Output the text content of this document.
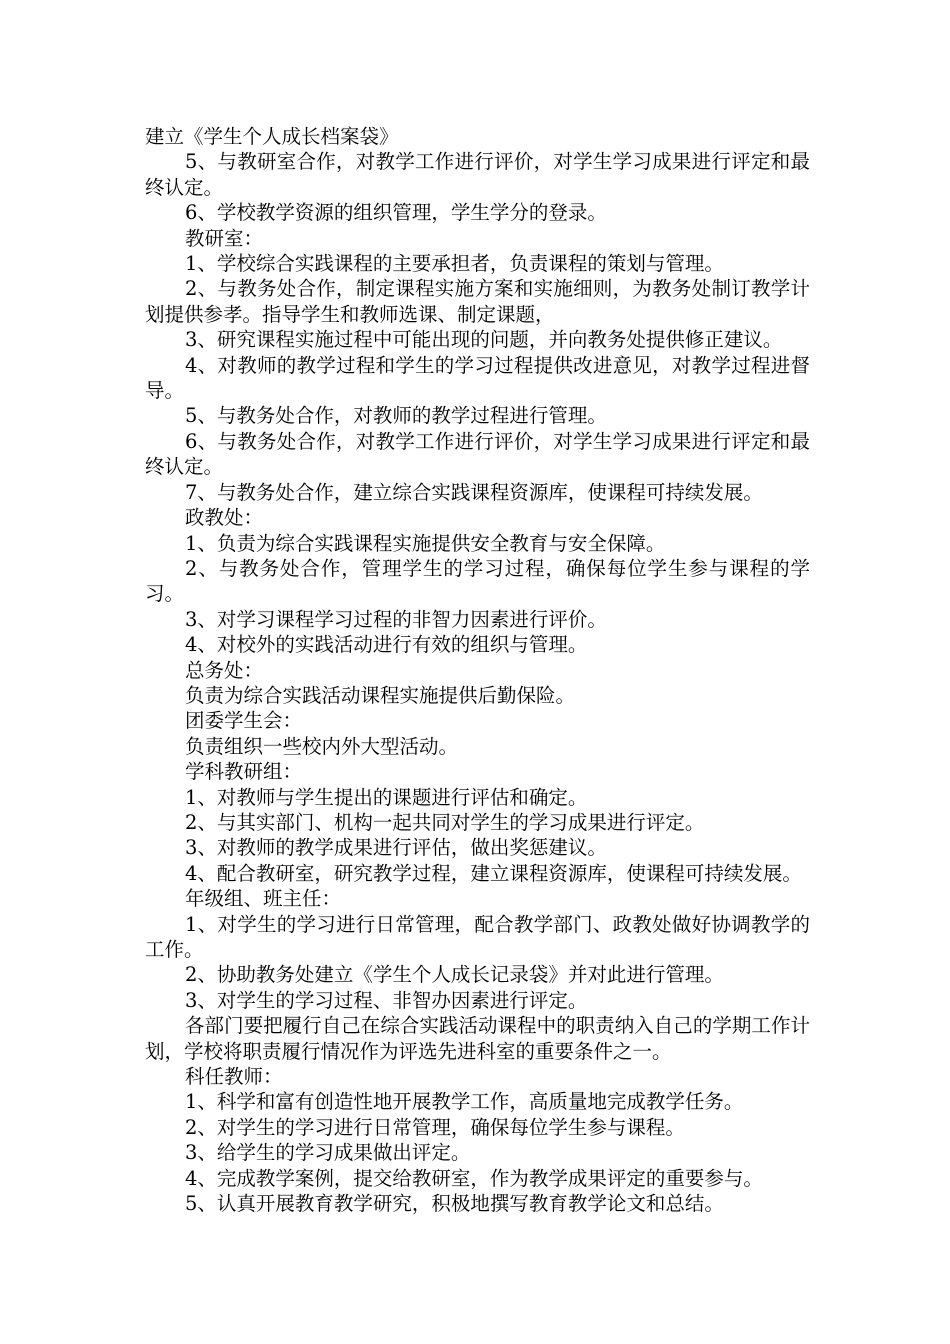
建立《学生个人成长档案袋》

5、与教研室合作，对教学工作进行评价，对学生学习成果进行评定和最终认定。

6、学校教学资源的组织管理，学生学分的登录。

教研室：

1、学校综合实践课程的主要承担者，负责课程的策划与管理。

2、与教务处合作，制定课程实施方案和实施细则，为教务处制订教学计划提供参孝。指导学生和教师选课、制定课题，

3、研究课程实施过程中可能出现的问题，并向教务处提供修正建议。

4、对教师的教学过程和学生的学习过程提供改进意见，对教学过程进督导。

5、与教务处合作，对教师的教学过程进行管理。

6、与教务处合作，对教学工作进行评价，对学生学习成果进行评定和最终认定。

7、与教务处合作，建立综合实践课程资源库，使课程可持续发展。

政教处：

1、负责为综合实践课程实施提供安全教育与安全保障。

2、与教务处合作，管理学生的学习过程，确保每位学生参与课程的学习。

3、对学习课程学习过程的非智力因素进行评价。

4、对校外的实践活动进行有效的组织与管理。

总务处：

负责为综合实践活动课程实施提供后勤保险。

团委学生会：

负责组织一些校内外大型活动。

学科教研组：

1、对教师与学生提出的课题进行评估和确定。

2、与其实部门、机构一起共同对学生的学习成果进行评定。

3、对教师的教学成果进行评估，做出奖惩建议。

4、配合教研室，研究教学过程，建立课程资源库，使课程可持续发展。

年级组、班主任：

1、对学生的学习进行日常管理，配合教学部门、政教处做好协调教学的工作。

2、协助教务处建立《学生个人成长记录袋》并对此进行管理。

3、对学生的学习过程、非智办因素进行评定。

各部门要把履行自己在综合实践活动课程中的职责纳入自己的学期工作计划，学校将职责履行情况作为评选先进科室的重要条件之一。

科任教师：

1、科学和富有创造性地开展教学工作，高质量地完成教学任务。

2、对学生的学习进行日常管理，确保每位学生参与课程。

3、给学生的学习成果做出评定。

4、完成教学案例，提交给教研室，作为教学成果评定的重要参与。

5、认真开展教育教学研究，积极地撰写教育教学论文和总结。
